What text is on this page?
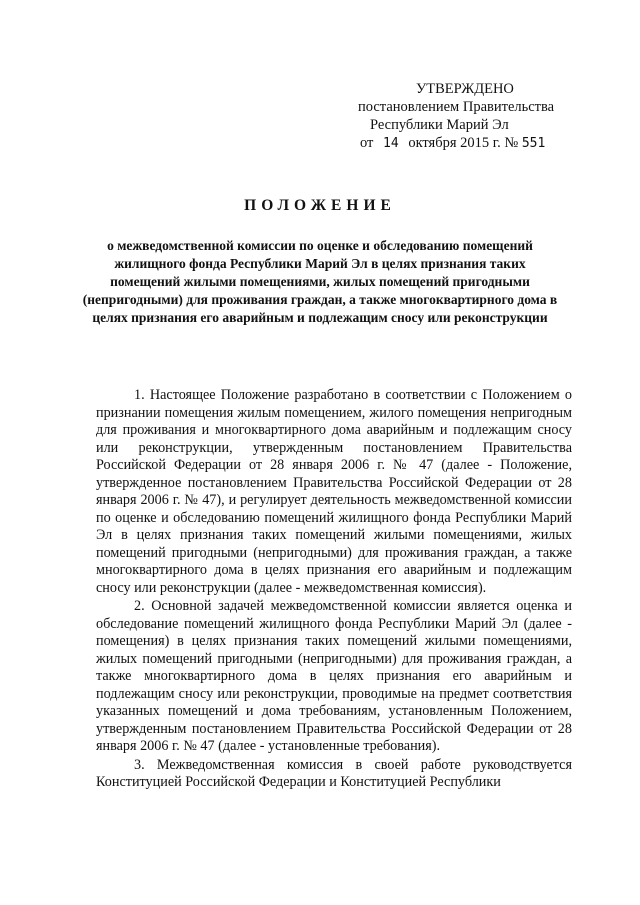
УТВЕРЖДЕНО
постановлением Правительства
Республики Марий Эл
от 14 октября 2015 г. № 551
ПОЛОЖЕНИЕ
о межведомственной комиссии по оценке и обследованию помещений жилищного фонда Республики Марий Эл в целях признания таких помещений жилыми помещениями, жилых помещений пригодными (непригодными) для проживания граждан, а также многоквартирного дома в целях признания его аварийным и подлежащим сносу или реконструкции

1. Настоящее Положение разработано в соответствии с Положением о признании помещения жилым помещением, жилого помещения непригодным для проживания и многоквартирного дома аварийным и подлежащим сносу или реконструкции, утвержденным постановлением Правительства Российской Федерации от 28 января 2006 г. № 47 (далее - Положение, утвержденное постановлением Правительства Российской Федерации от 28 января 2006 г. № 47), и регулирует деятельность межведомственной комиссии по оценке и обследованию помещений жилищного фонда Республики Марий Эл в целях признания таких помещений жилыми помещениями, жилых помещений пригодными (непригодными) для проживания граждан, а также многоквартирного дома в целях признания его аварийным и подлежащим сносу или реконструкции (далее - межведомственная комиссия).

2. Основной задачей межведомственной комиссии является оценка и обследование помещений жилищного фонда Республики Марий Эл (далее - помещения) в целях признания таких помещений жилыми помещениями, жилых помещений пригодными (непригодными) для проживания граждан, а также многоквартирного дома в целях признания его аварийным и подлежащим сносу или реконструкции, проводимые на предмет соответствия указанных помещений и дома требованиям, установленным Положением, утвержденным постановлением Правительства Российской Федерации от 28 января 2006 г. № 47 (далее - установленные требования).

3. Межведомственная комиссия в своей работе руководствуется Конституцией Российской Федерации и Конституцией Республики
